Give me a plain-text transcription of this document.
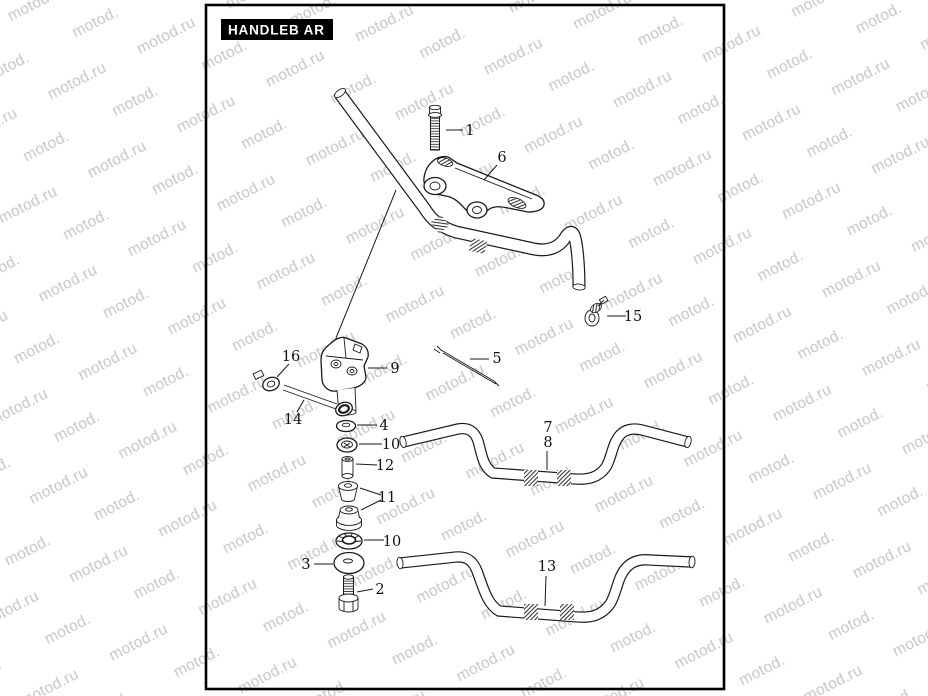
HANDLEB AR
1
6
15
16
9
5
14	4
10
12
11
10
3
2
7
8
13
